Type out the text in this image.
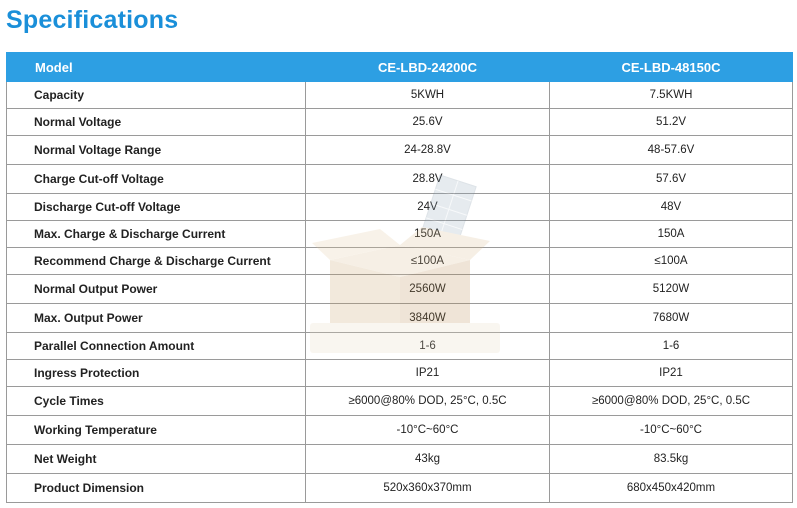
Specifications
Model	CE-LBD-24200C	CE-LBD-48150C
Capacity	5KWH	7.5KWH
Normal Voltage	25.6V	51.2V
Normal Voltage Range	24-28.8V	48-57.6V
Charge Cut-off Voltage	28.8V	57.6V
Discharge Cut-off Voltage	24V	48V
Max. Charge & Discharge Current	150A	150A
Recommend Charge & Discharge Current	≤100A	≤100A
Normal Output Power	2560W	5120W
Max. Output Power	3840W	7680W
Parallel Connection Amount	1-6	1-6
Ingress Protection	IP21	IP21
Cycle Times	≥6000@80% DOD, 25°C, 0.5C	≥6000@80% DOD, 25°C, 0.5C
Working Temperature	-10°C~60°C	-10°C~60°C
Net Weight	43kg	83.5kg
Product Dimension	520x360x370mm	680x450x420mm
